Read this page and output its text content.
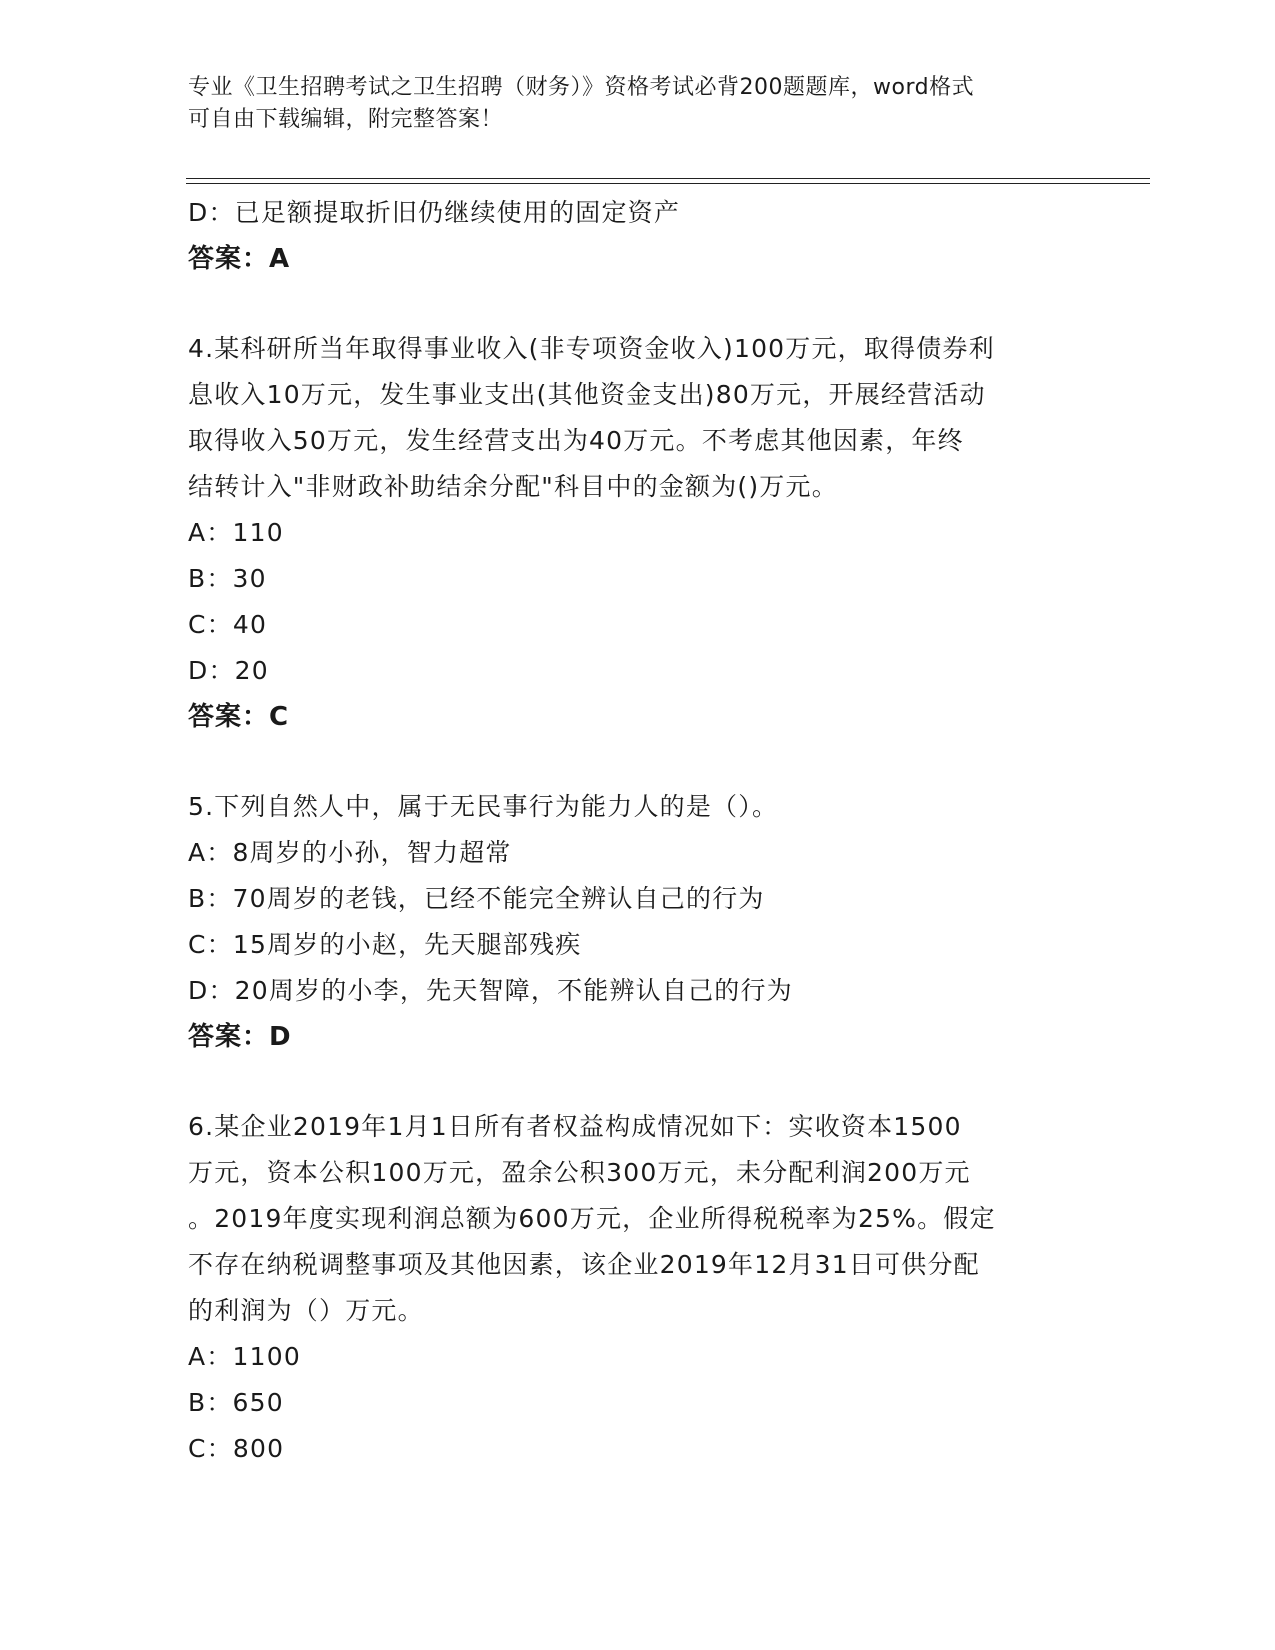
专业《卫生招聘考试之卫生招聘（财务）》资格考试必背200题题库，word格式
可自由下载编辑，附完整答案！
D：已足额提取折旧仍继续使用的固定资产
答案：A
4.某科研所当年取得事业收入(非专项资金收入)100万元，取得债券利
息收入10万元，发生事业支出(其他资金支出)80万元，开展经营活动
取得收入50万元，发生经营支出为40万元。不考虑其他因素，年终
结转计入"非财政补助结余分配"科目中的金额为()万元。
A：110
B：30
C：40
D：20
答案：C
5.下列自然人中，属于无民事行为能力人的是（）。
A：8周岁的小孙，智力超常
B：70周岁的老钱，已经不能完全辨认自己的行为
C：15周岁的小赵，先天腿部残疾
D：20周岁的小李，先天智障，不能辨认自己的行为
答案：D
6.某企业2019年1月1日所有者权益构成情况如下：实收资本1500
万元，资本公积100万元，盈余公积300万元，未分配利润200万元
。2019年度实现利润总额为600万元，企业所得税税率为25%。假定
不存在纳税调整事项及其他因素，该企业2019年12月31日可供分配
的利润为（）万元。
A：1100
B：650
C：800
